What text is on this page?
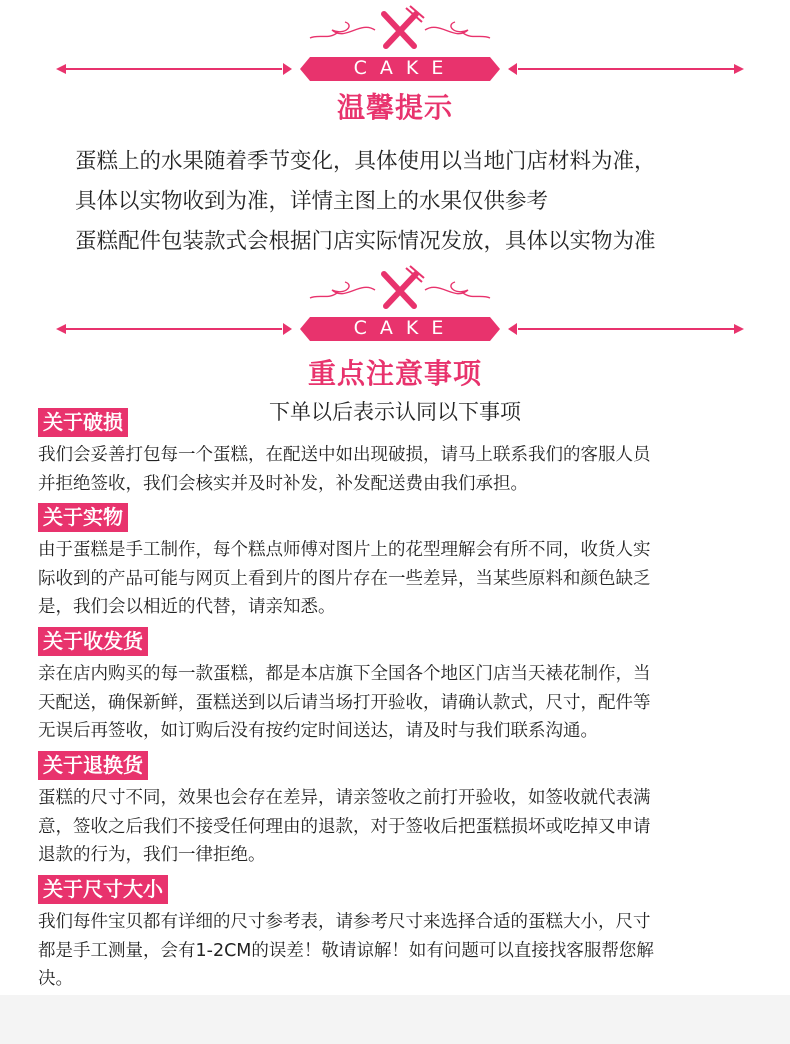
CAKE
温馨提示
蛋糕上的水果随着季节变化，具体使用以当地门店材料为准，
具体以实物收到为准，详情主图上的水果仅供参考
蛋糕配件包装款式会根据门店实际情况发放，具体以实物为准
CAKE
重点注意事项
下单以后表示认同以下事项
关于破损
我们会妥善打包每一个蛋糕，在配送中如出现破损，请马上联系我们的客服人员
并拒绝签收，我们会核实并及时补发，补发配送费由我们承担。
关于实物
由于蛋糕是手工制作，每个糕点师傅对图片上的花型理解会有所不同，收货人实
际收到的产品可能与网页上看到片的图片存在一些差异，当某些原料和颜色缺乏
是，我们会以相近的代替，请亲知悉。
关于收发货
亲在店内购买的每一款蛋糕，都是本店旗下全国各个地区门店当天裱花制作，当
天配送，确保新鲜，蛋糕送到以后请当场打开验收，请确认款式，尺寸，配件等
无误后再签收，如订购后没有按约定时间送达，请及时与我们联系沟通。
关于退换货
蛋糕的尺寸不同，效果也会存在差异，请亲签收之前打开验收，如签收就代表满
意，签收之后我们不接受任何理由的退款，对于签收后把蛋糕损坏或吃掉又申请
退款的行为，我们一律拒绝。
关于尺寸大小
我们每件宝贝都有详细的尺寸参考表，请参考尺寸来选择合适的蛋糕大小，尺寸
都是手工测量，会有1-2CM的误差！敬请谅解！如有问题可以直接找客服帮您解
决。
